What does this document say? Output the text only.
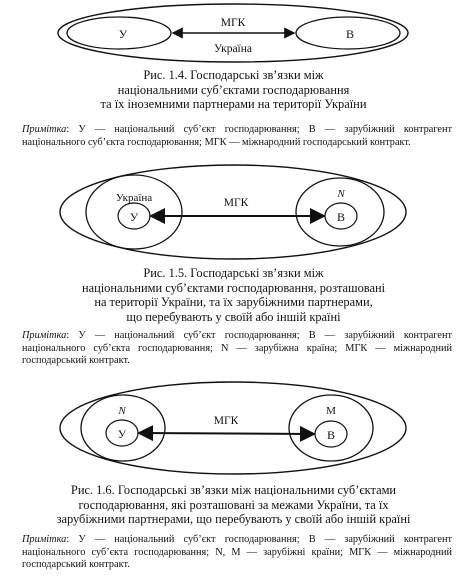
У	В
МГК
Україна
Рис. 1.4. Господарські зв’язки між
національними суб’єктами господарювання
та їх іноземними партнерами на території України
Примітка: У — національний суб’єкт господарювання; В — зарубіжний контрагент національного суб’єкта господарювання; МГК — міжнародний господарський контракт.
Україна
У
N
В
МГК
Рис. 1.5. Господарські зв’язки між
національними суб’єктами господарювання, розташовані
на території України, та їх зарубіжними партнерами,
що перебувають у своїй або іншій країні
Примітка: У — національний суб’єкт господарювання; В — зарубіжний контрагент національного суб’єкта господарювання; N — зарубіжна країна; МГК — міжнародний господарський контракт.
N
У
М
В
МГК
Рис. 1.6. Господарські зв’язки між національними суб’єктами
господарювання, які розташовані за межами України, та їх
зарубіжними партнерами, що перебувають у своїй або іншій країні
Примітка: У — національний суб’єкт господарювання; В — зарубіжний контрагент національного суб’єкта господарювання; N, М — зарубіжні країни; МГК — міжнародний господарський контракт.
